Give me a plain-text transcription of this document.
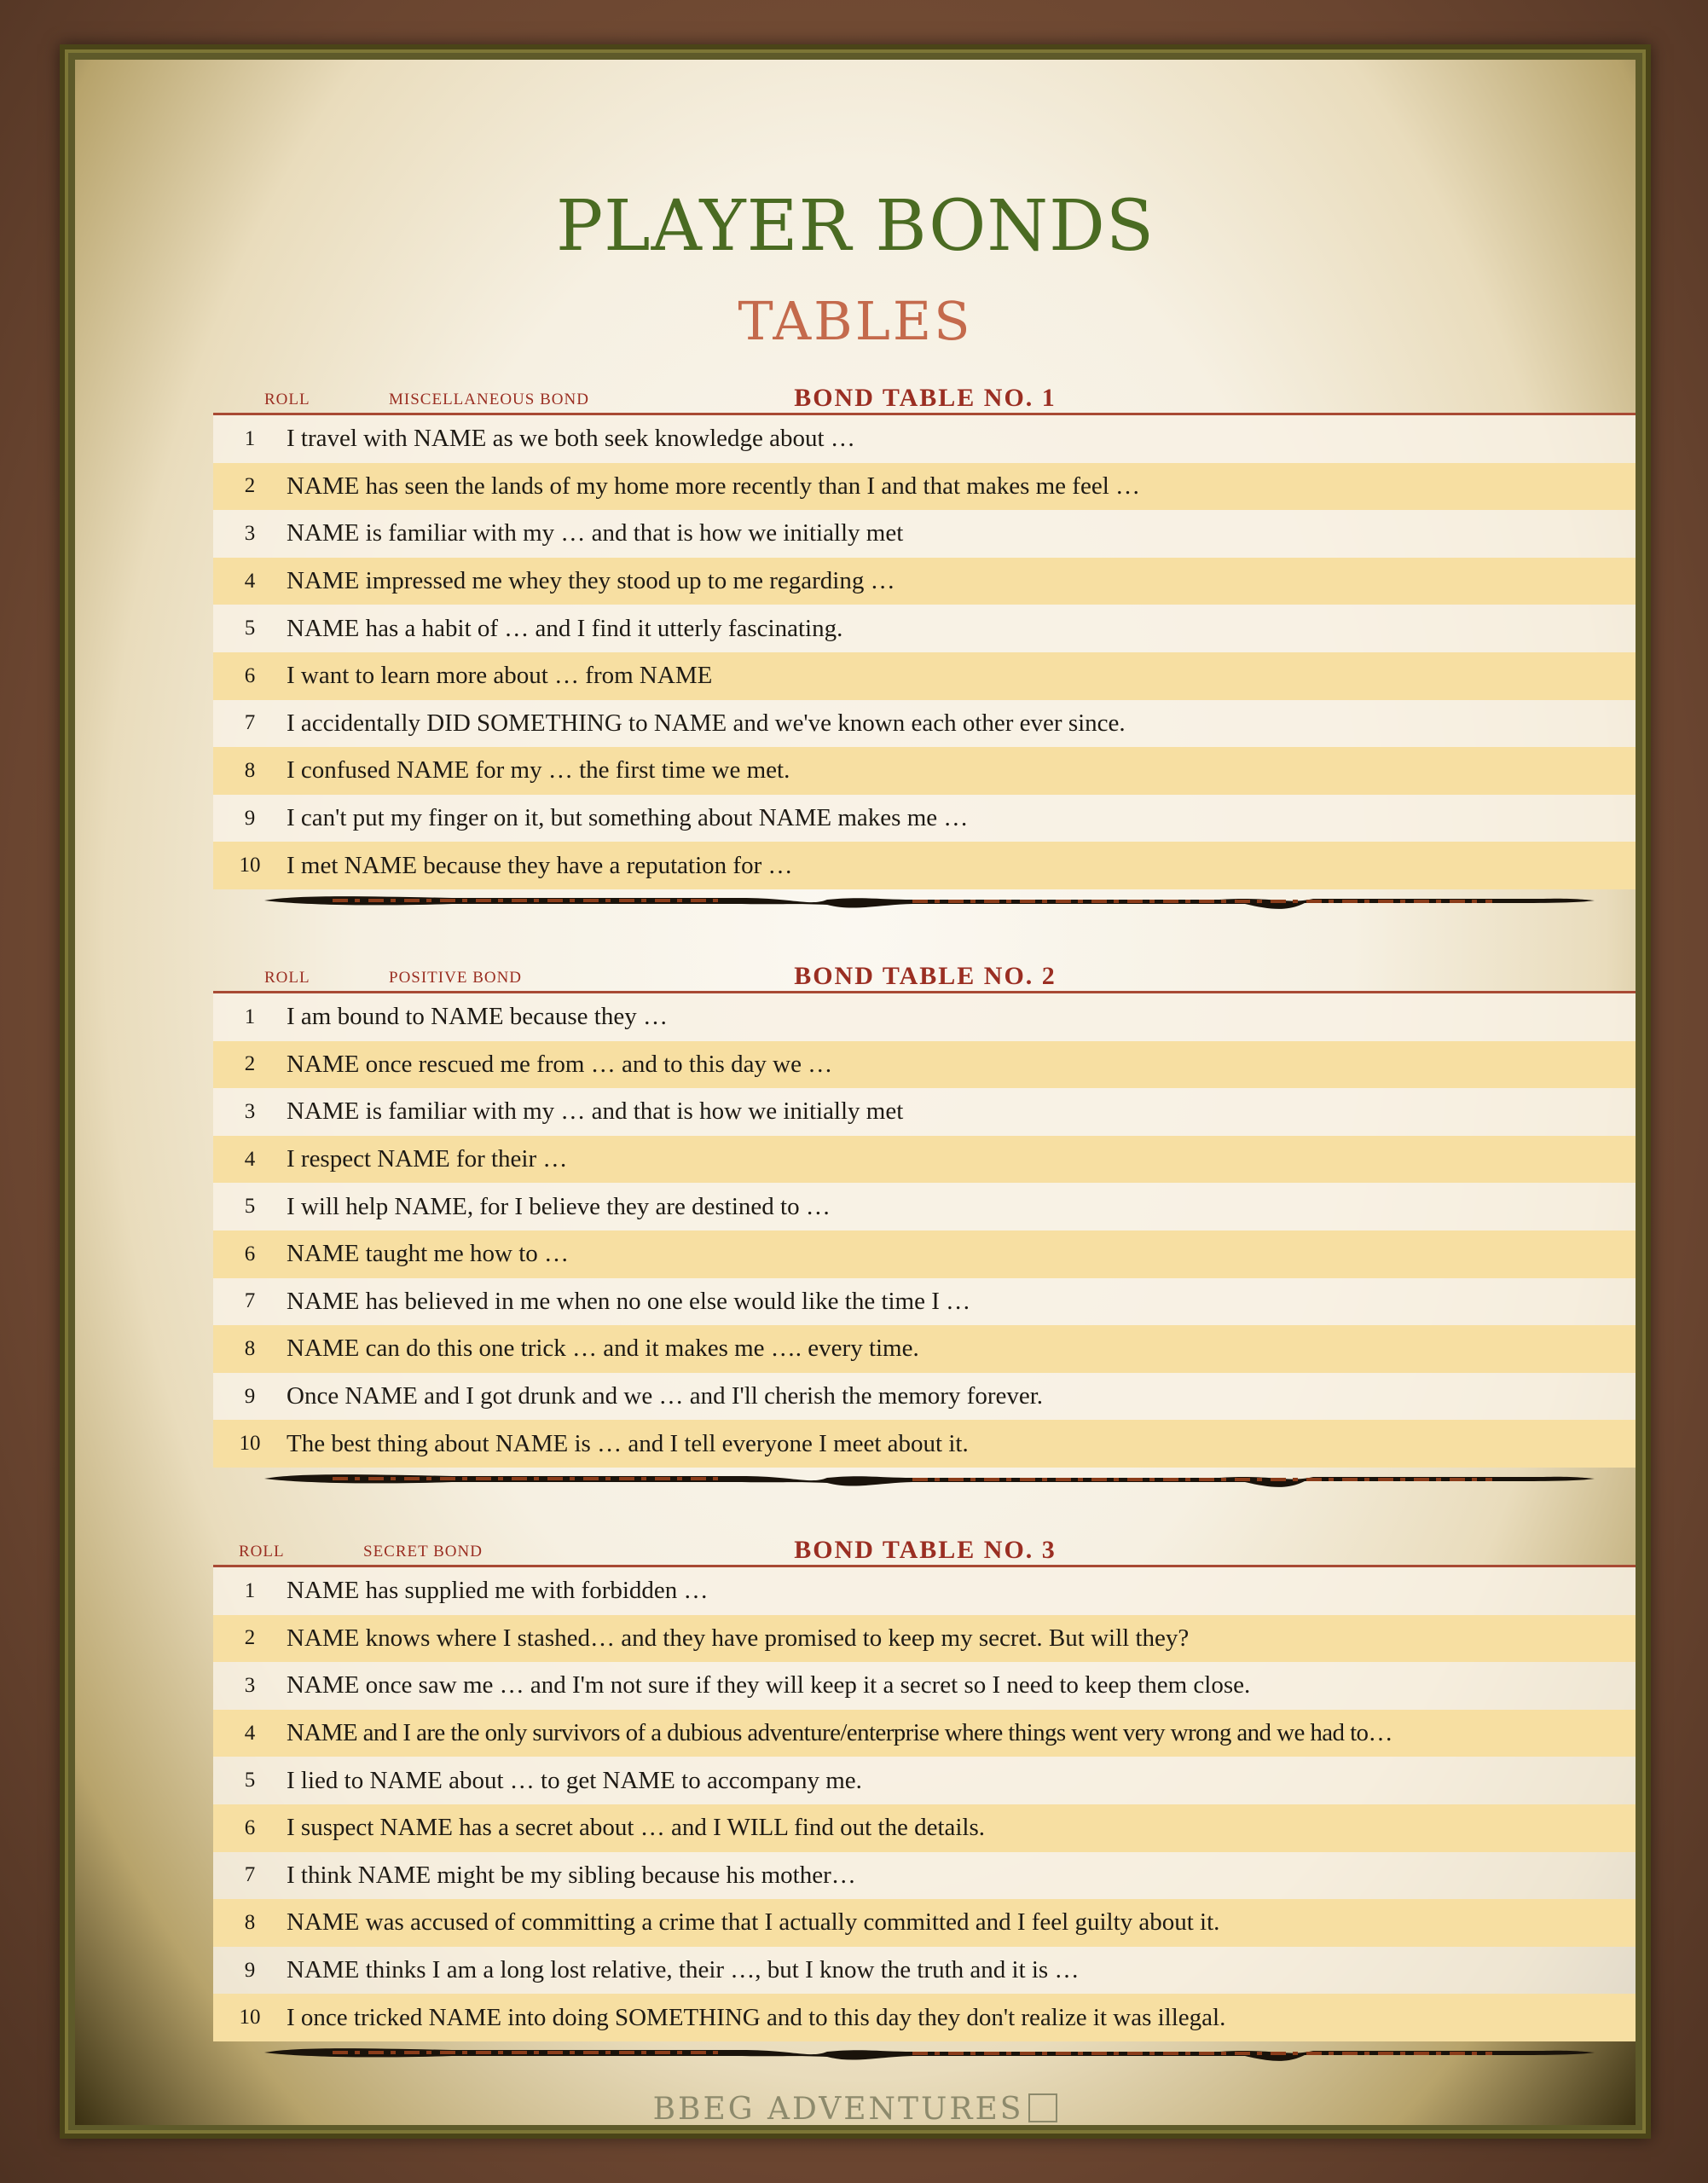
PLAYER BONDS
TABLES
ROLL	MISCELLANEOUS BOND	BOND TABLE NO. 1
1	I travel with NAME as we both seek knowledge about …
2	NAME has seen the lands of my home more recently than I and that makes me feel …
3	NAME is familiar with my … and that is how we initially met
4	NAME impressed me whey they stood up to me regarding …
5	NAME has a habit of … and I find it utterly fascinating.
6	I want to learn more about … from NAME
7	I accidentally DID SOMETHING to NAME and we've known each other ever since.
8	I confused NAME for my … the first time we met.
9	I can't put my finger on it, but something about NAME makes me …
10	I met NAME because they have a reputation for …
ROLL	POSITIVE BOND	BOND TABLE NO. 2
1	I am bound to NAME because they …
2	NAME once rescued me from … and to this day we …
3	NAME is familiar with my … and that is how we initially met
4	I respect NAME for their …
5	I will help NAME, for I believe they are destined to …
6	NAME taught me how to …
7	NAME has believed in me when no one else would like the time I …
8	NAME can do this one trick … and it makes me …. every time.
9	Once NAME and I got drunk and we … and I'll cherish the memory forever.
10	The best thing about NAME is … and I tell everyone I meet about it.
ROLL	SECRET BOND	BOND TABLE NO. 3
1	NAME has supplied me with forbidden …
2	NAME knows where I stashed… and they have promised to keep my secret. But will they?
3	NAME once saw me … and I'm not sure if they will keep it a secret so I need to keep them close.
4	NAME and I are the only survivors of a dubious adventure/enterprise where things went very wrong and we had to…
5	I lied to NAME about … to get NAME to accompany me.
6	I suspect NAME has a secret about … and I WILL find out the details.
7	I think NAME might be my sibling because his mother…
8	NAME was accused of committing a crime that I actually committed and I feel guilty about it.
9	NAME thinks I am a long lost relative, their …, but I know the truth and it is …
10	I once tricked NAME into doing SOMETHING and to this day they don't realize it was illegal.
BBEG ADVENTURES
